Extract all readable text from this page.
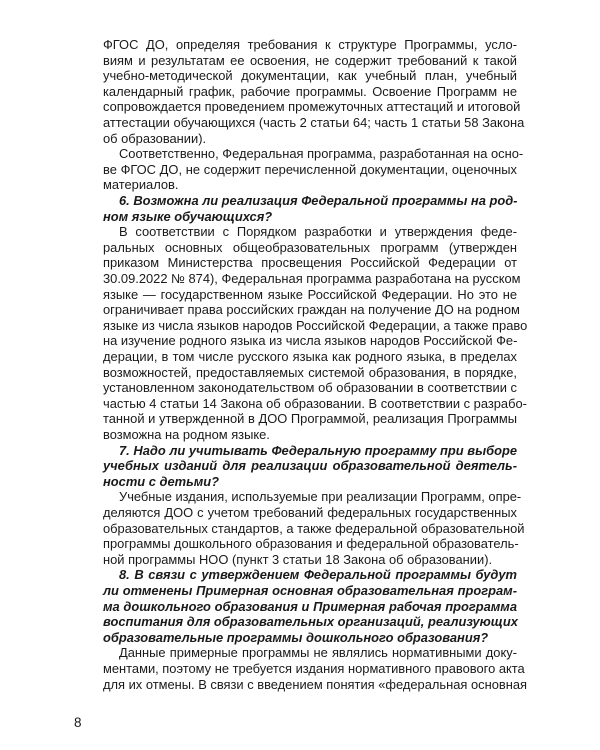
ФГОС ДО, определяя требования к структуре Программы, усло-
виям и результатам ее освоения, не содержит требований к такой
учебно-методической документации, как учебный план, учебный
календарный график, рабочие программы. Освоение Программ не
сопровождается проведением промежуточных аттестаций и итоговой
аттестации обучающихся (часть 2 статьи 64; часть 1 статьи 58 Закона
об образовании).
Соответственно, Федеральная программа, разработанная на осно-
ве ФГОС ДО, не содержит перечисленной документации, оценочных
материалов.
6. Возможна ли реализация Федеральной программы на род-
ном языке обучающихся?
В соответствии с Порядком разработки и утверждения феде-
ральных основных общеобразовательных программ (утвержден
приказом Министерства просвещения Российской Федерации от
30.09.2022 № 874), Федеральная программа разработана на русском
языке — государственном языке Российской Федерации. Но это не
ограничивает права российских граждан на получение ДО на родном
языке из числа языков народов Российской Федерации, а также право
на изучение родного языка из числа языков народов Российской Фе-
дерации, в том числе русского языка как родного языка, в пределах
возможностей, предоставляемых системой образования, в порядке,
установленном законодательством об образовании в соответствии с
частью 4 статьи 14 Закона об образовании. В соответствии с разрабо-
танной и утвержденной в ДОО Программой, реализация Программы
возможна на родном языке.
7. Надо ли учитывать Федеральную программу при выборе
учебных изданий для реализации образовательной деятель-
ности с детьми?
Учебные издания, используемые при реализации Программ, опре-
деляются ДОО с учетом требований федеральных государственных
образовательных стандартов, а также федеральной образовательной
программы дошкольного образования и федеральной образователь-
ной программы НОО (пункт 3 статьи 18 Закона об образовании).
8. В связи с утверждением Федеральной программы будут
ли отменены Примерная основная образовательная програм-
ма дошкольного образования и Примерная рабочая программа
воспитания для образовательных организаций, реализующих
образовательные программы дошкольного образования?
Данные примерные программы не являлись нормативными доку-
ментами, поэтому не требуется издания нормативного правового акта
для их отмены. В связи с введением понятия «федеральная основная
8
